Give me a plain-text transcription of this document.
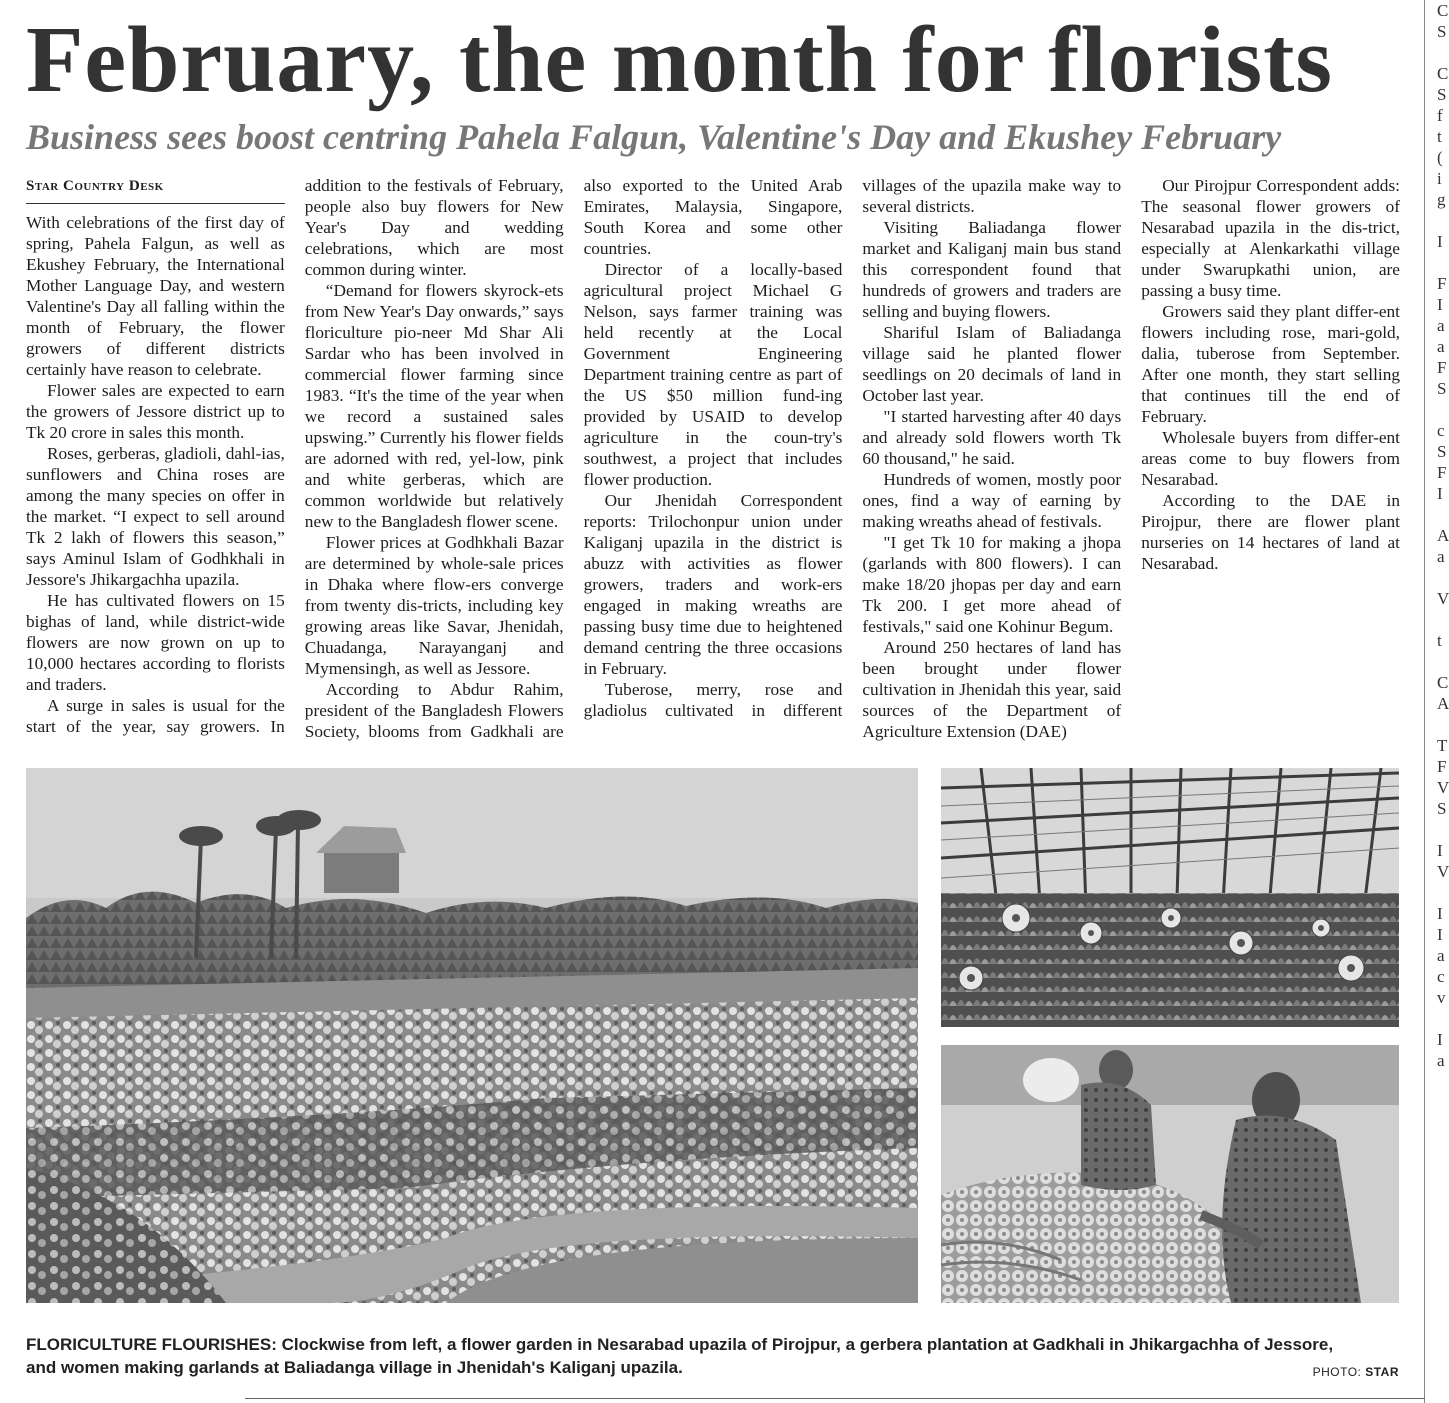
C
S

C
S
f
t
(
i
g

I

F
I
a
a
F
S

c
S
F
I

A
a

V

t

C
A

T
F
V
S

I
V

I
I
a
c
v

I
a
February, the month for florists
Business sees boost centring Pahela Falgun, Valentine's Day and Ekushey February
Star Country Desk

With celebrations of the first day of spring, Pahela Falgun, as well as Ekushey February, the International Mother Language Day, and western Valentine's Day all falling within the month of February, the flower growers of different districts certainly have reason to celebrate.

Flower sales are expected to earn the growers of Jessore district up to Tk 20 crore in sales this month.

Roses, gerberas, gladioli, dahl-ias, sunflowers and China roses are among the many species on offer in the market. “I expect to sell around Tk 2 lakh of flowers this season,” says Aminul Islam of Godhkhali in Jessore's Jhikargachha upazila.

He has cultivated flowers on 15 bighas of land, while district-wide flowers are now grown on up to 10,000 hectares according to florists and traders.

A surge in sales is usual for the start of the year, say growers. In addition to the festivals of February, people also buy flowers for New Year's Day and wedding celebrations, which are most common during winter.

“Demand for flowers skyrock-ets from New Year's Day onwards,” says floriculture pio-neer Md Shar Ali Sardar who has been involved in commercial flower farming since 1983. “It's the time of the year when we record a sustained sales upswing.” Currently his flower fields are adorned with red, yel-low, pink and white gerberas, which are common worldwide but relatively new to the Bangladesh flower scene.

Flower prices at Godhkhali Bazar are determined by whole-sale prices in Dhaka where flow-ers converge from twenty dis-tricts, including key growing areas like Savar, Jhenidah, Chuadanga, Narayanganj and Mymensingh, as well as Jessore.

According to Abdur Rahim, president of the Bangladesh Flowers Society, blooms from Gadkhali are also exported to the United Arab Emirates, Malaysia, Singapore, South Korea and some other countries.

Director of a locally-based agricultural project Michael G Nelson, says farmer training was held recently at the Local Government Engineering Department training centre as part of the US $50 million fund-ing provided by USAID to develop agriculture in the coun-try's southwest, a project that includes flower production.

Our Jhenidah Correspondent reports: Trilochonpur union under Kaliganj upazila in the district is abuzz with activities as flower growers, traders and work-ers engaged in making wreaths are passing busy time due to heightened demand centring the three occasions in February.

Tuberose, merry, rose and gladiolus cultivated in different villages of the upazila make way to several districts.

Visiting Baliadanga flower market and Kaliganj main bus stand this correspondent found that hundreds of growers and traders are selling and buying flowers.

Shariful Islam of Baliadanga village said he planted flower seedlings on 20 decimals of land in October last year.

"I started harvesting after 40 days and already sold flowers worth Tk 60 thousand," he said.

Hundreds of women, mostly poor ones, find a way of earning by making wreaths ahead of festivals.

"I get Tk 10 for making a jhopa (garlands with 800 flowers). I can make 18/20 jhopas per day and earn Tk 200. I get more ahead of festivals," said one Kohinur Begum.

Around 250 hectares of land has been brought under flower cultivation in Jhenidah this year, said sources of the Department of Agriculture Extension (DAE)

Our Pirojpur Correspondent adds: The seasonal flower growers of Nesarabad upazila in the dis-trict, especially at Alenkarkathi village under Swarupkathi union, are passing a busy time.

Growers said they plant differ-ent flowers including rose, mari-gold, dalia, tuberose from September. After one month, they start selling that continues till the end of February.

Wholesale buyers from differ-ent areas come to buy flowers from Nesarabad.

According to the DAE in Pirojpur, there are flower plant nurseries on 14 hectares of land at Nesarabad.

FLORICULTURE FLOURISHES: Clockwise from left, a flower garden in Nesarabad upazila of Pirojpur, a gerbera plantation at Gadkhali in Jhikargachha of Jessore, and women making garlands at Baliadanga village in Jhenidah's Kaliganj upazila.	PHOTO: STAR
